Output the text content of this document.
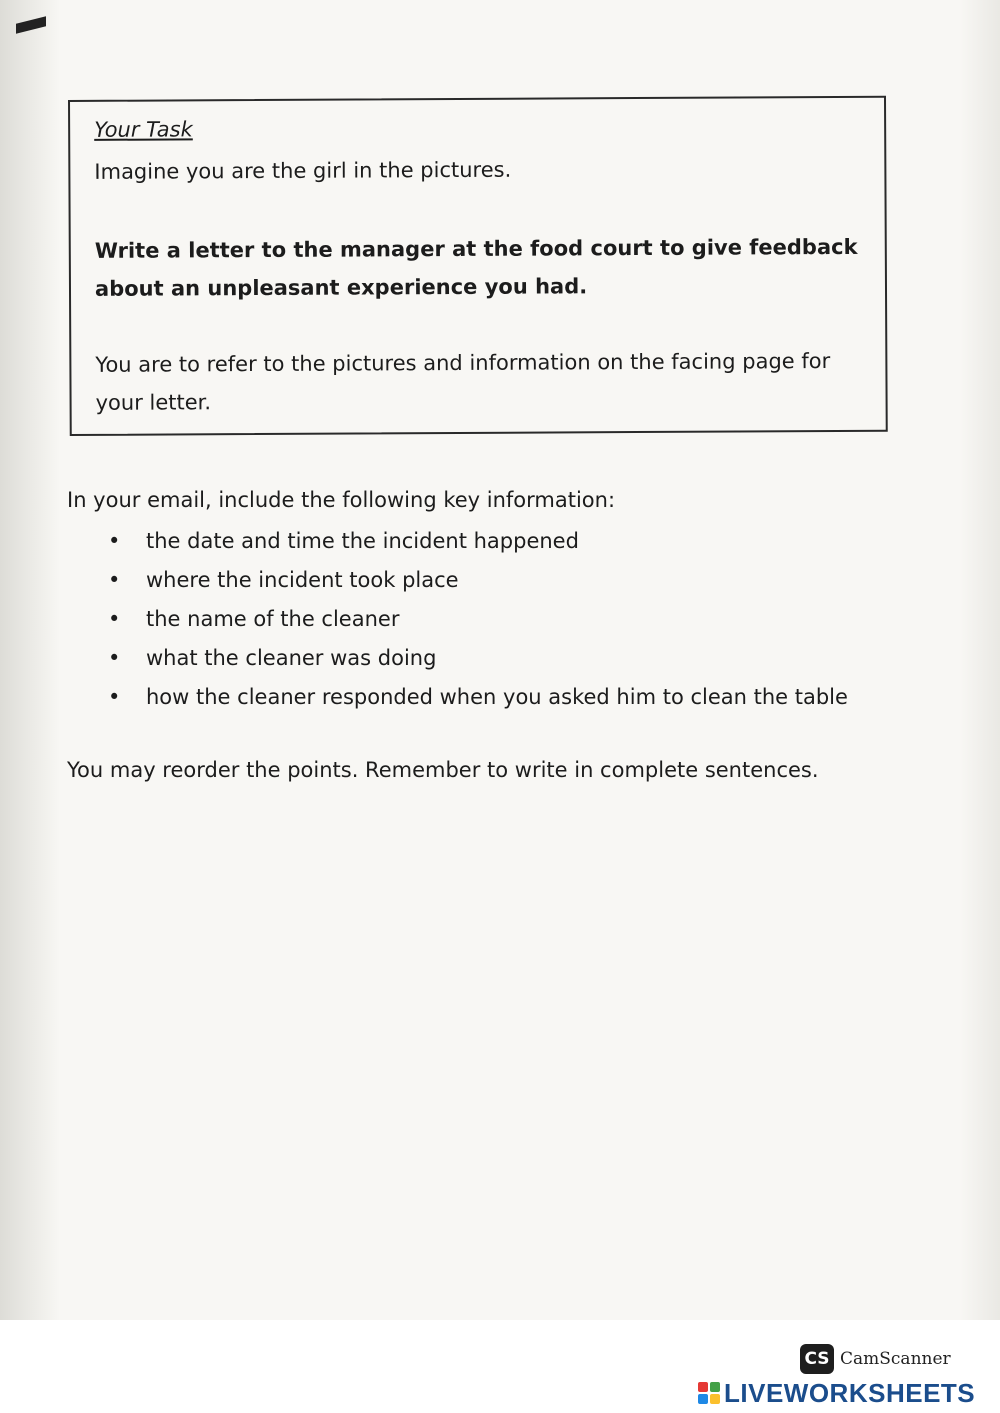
Your Task

Imagine you are the girl in the pictures.

Write a letter to the manager at the food court to give feedback about an unpleasant experience you had.

You are to refer to the pictures and information on the facing page for your letter.

In your email, include the following key information:

• the date and time the incident happened
• where the incident took place
• the name of the cleaner
• what the cleaner was doing
• how the cleaner responded when you asked him to clean the table

You may reorder the points. Remember to write in complete sentences.

CS CamScanner
LIVEWORKSHEETS
